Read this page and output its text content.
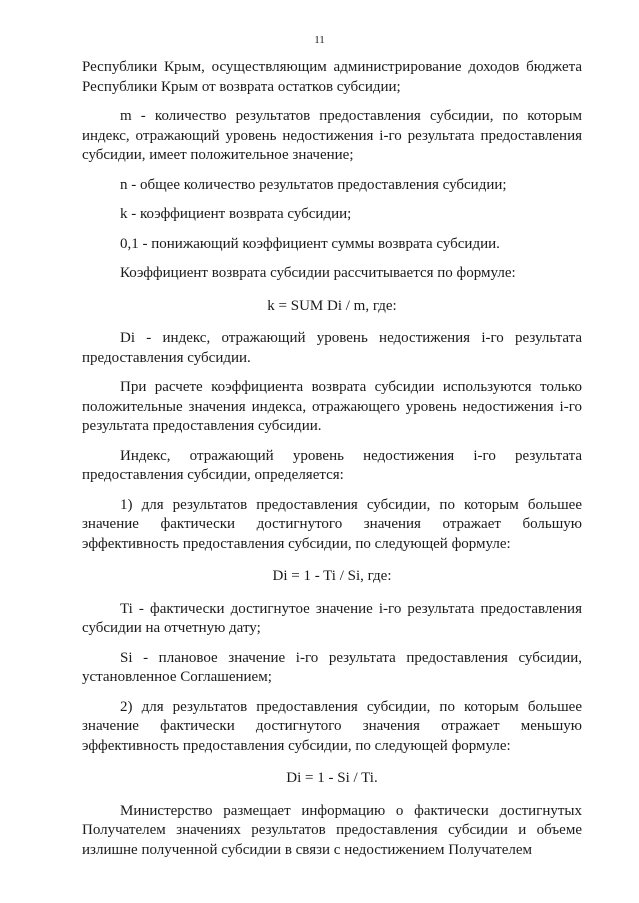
11

Республики Крым, осуществляющим администрирование доходов бюджета Республики Крым от возврата остатков субсидии;

m - количество результатов предоставления субсидии, по которым индекс, отражающий уровень недостижения i-го результата предоставления субсидии, имеет положительное значение;

n - общее количество результатов предоставления субсидии;

k - коэффициент возврата субсидии;

0,1 - понижающий коэффициент суммы возврата субсидии.

Коэффициент возврата субсидии рассчитывается по формуле:

k = SUM Di / m, где:

Di - индекс, отражающий уровень недостижения i-го результата предоставления субсидии.

При расчете коэффициента возврата субсидии используются только положительные значения индекса, отражающего уровень недостижения i-го результата предоставления субсидии.

Индекс, отражающий уровень недостижения i-го результата предоставления субсидии, определяется:

1) для результатов предоставления субсидии, по которым большее значение фактически достигнутого значения отражает большую эффективность предоставления субсидии, по следующей формуле:

Di = 1 - Ti / Si, где:

Ti - фактически достигнутое значение i-го результата предоставления субсидии на отчетную дату;

Si - плановое значение i-го результата предоставления субсидии, установленное Соглашением;

2) для результатов предоставления субсидии, по которым большее значение фактически достигнутого значения отражает меньшую эффективность предоставления субсидии, по следующей формуле:

Di = 1 - Si / Ti.

Министерство размещает информацию о фактически достигнутых Получателем значениях результатов предоставления субсидии и объеме излишне полученной субсидии в связи с недостижением Получателем
